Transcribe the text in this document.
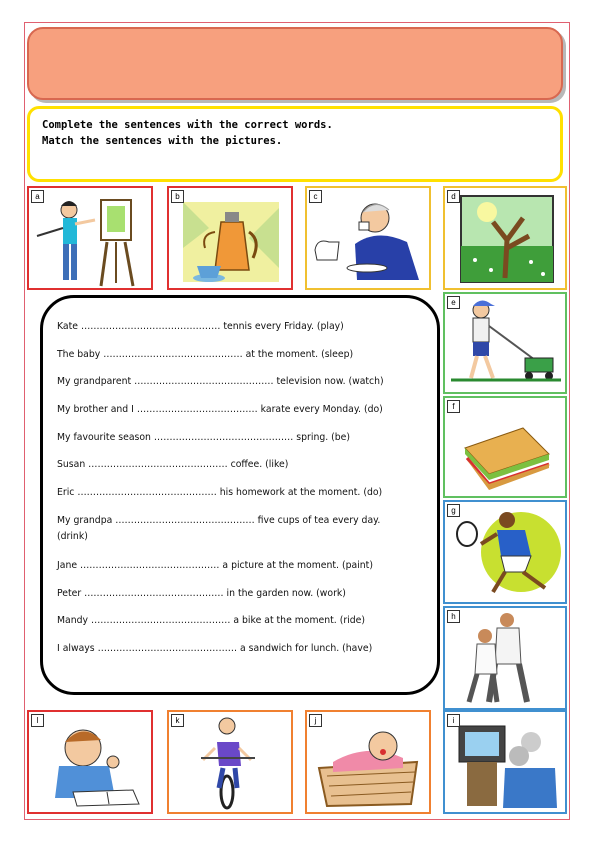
Complete the sentences with the correct words.
Match the sentences with the pictures.
a	b	c	d
e
f
g
h
l	k	j	i
Kate ……………………………………… tennis every Friday. (play)
The baby ……………………………………… at the moment. (sleep)
My grandparent ……………………………………… television now. (watch)
My brother and I ………………………………… karate every Monday. (do)
My favourite season ……………………………………… spring. (be)
Susan ……………………………………… coffee. (like)
Eric ……………………………………… his homework at the moment. (do)
My grandpa ……………………………………… five cups of tea every day.
(drink)
Jane ……………………………………… a picture at the moment. (paint)
Peter ……………………………………… in the garden now. (work)
Mandy ……………………………………… a bike at the moment. (ride)
I always ……………………………………… a sandwich for lunch. (have)
